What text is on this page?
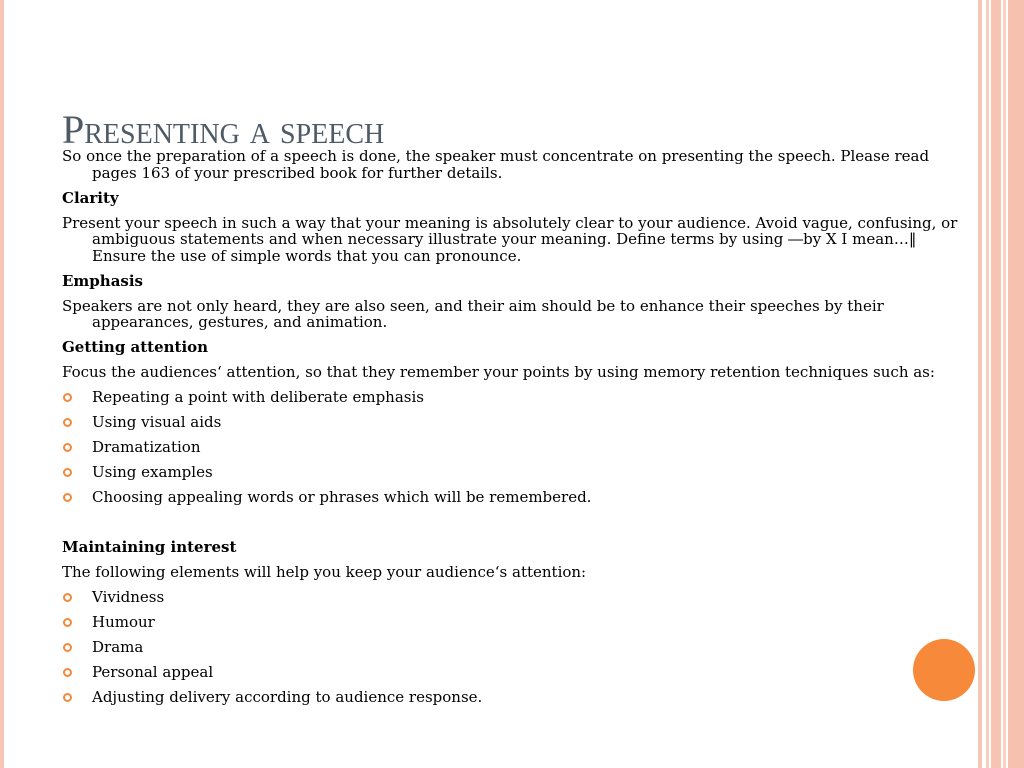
Presenting a speech
So once the preparation of a speech is done, the speaker must concentrate on presenting the speech. Please read pages 163 of your prescribed book for further details.
Clarity
Present your speech in such a way that your meaning is absolutely clear to your audience. Avoid vague, confusing, or ambiguous statements and when necessary illustrate your meaning. Define terms by using ―by X I mean…‖ Ensure the use of simple words that you can pronounce.
Emphasis
Speakers are not only heard, they are also seen, and their aim should be to enhance their speeches by their appearances, gestures, and animation.
Getting attention
Focus the audiences‘ attention, so that they remember your points by using memory retention techniques such as:
Repeating a point with deliberate emphasis
Using visual aids
Dramatization
Using examples
Choosing appealing words or phrases which will be remembered.
Maintaining interest
The following elements will help you keep your audience‘s attention:
Vividness
Humour
Drama
Personal appeal
Adjusting delivery according to audience response.
